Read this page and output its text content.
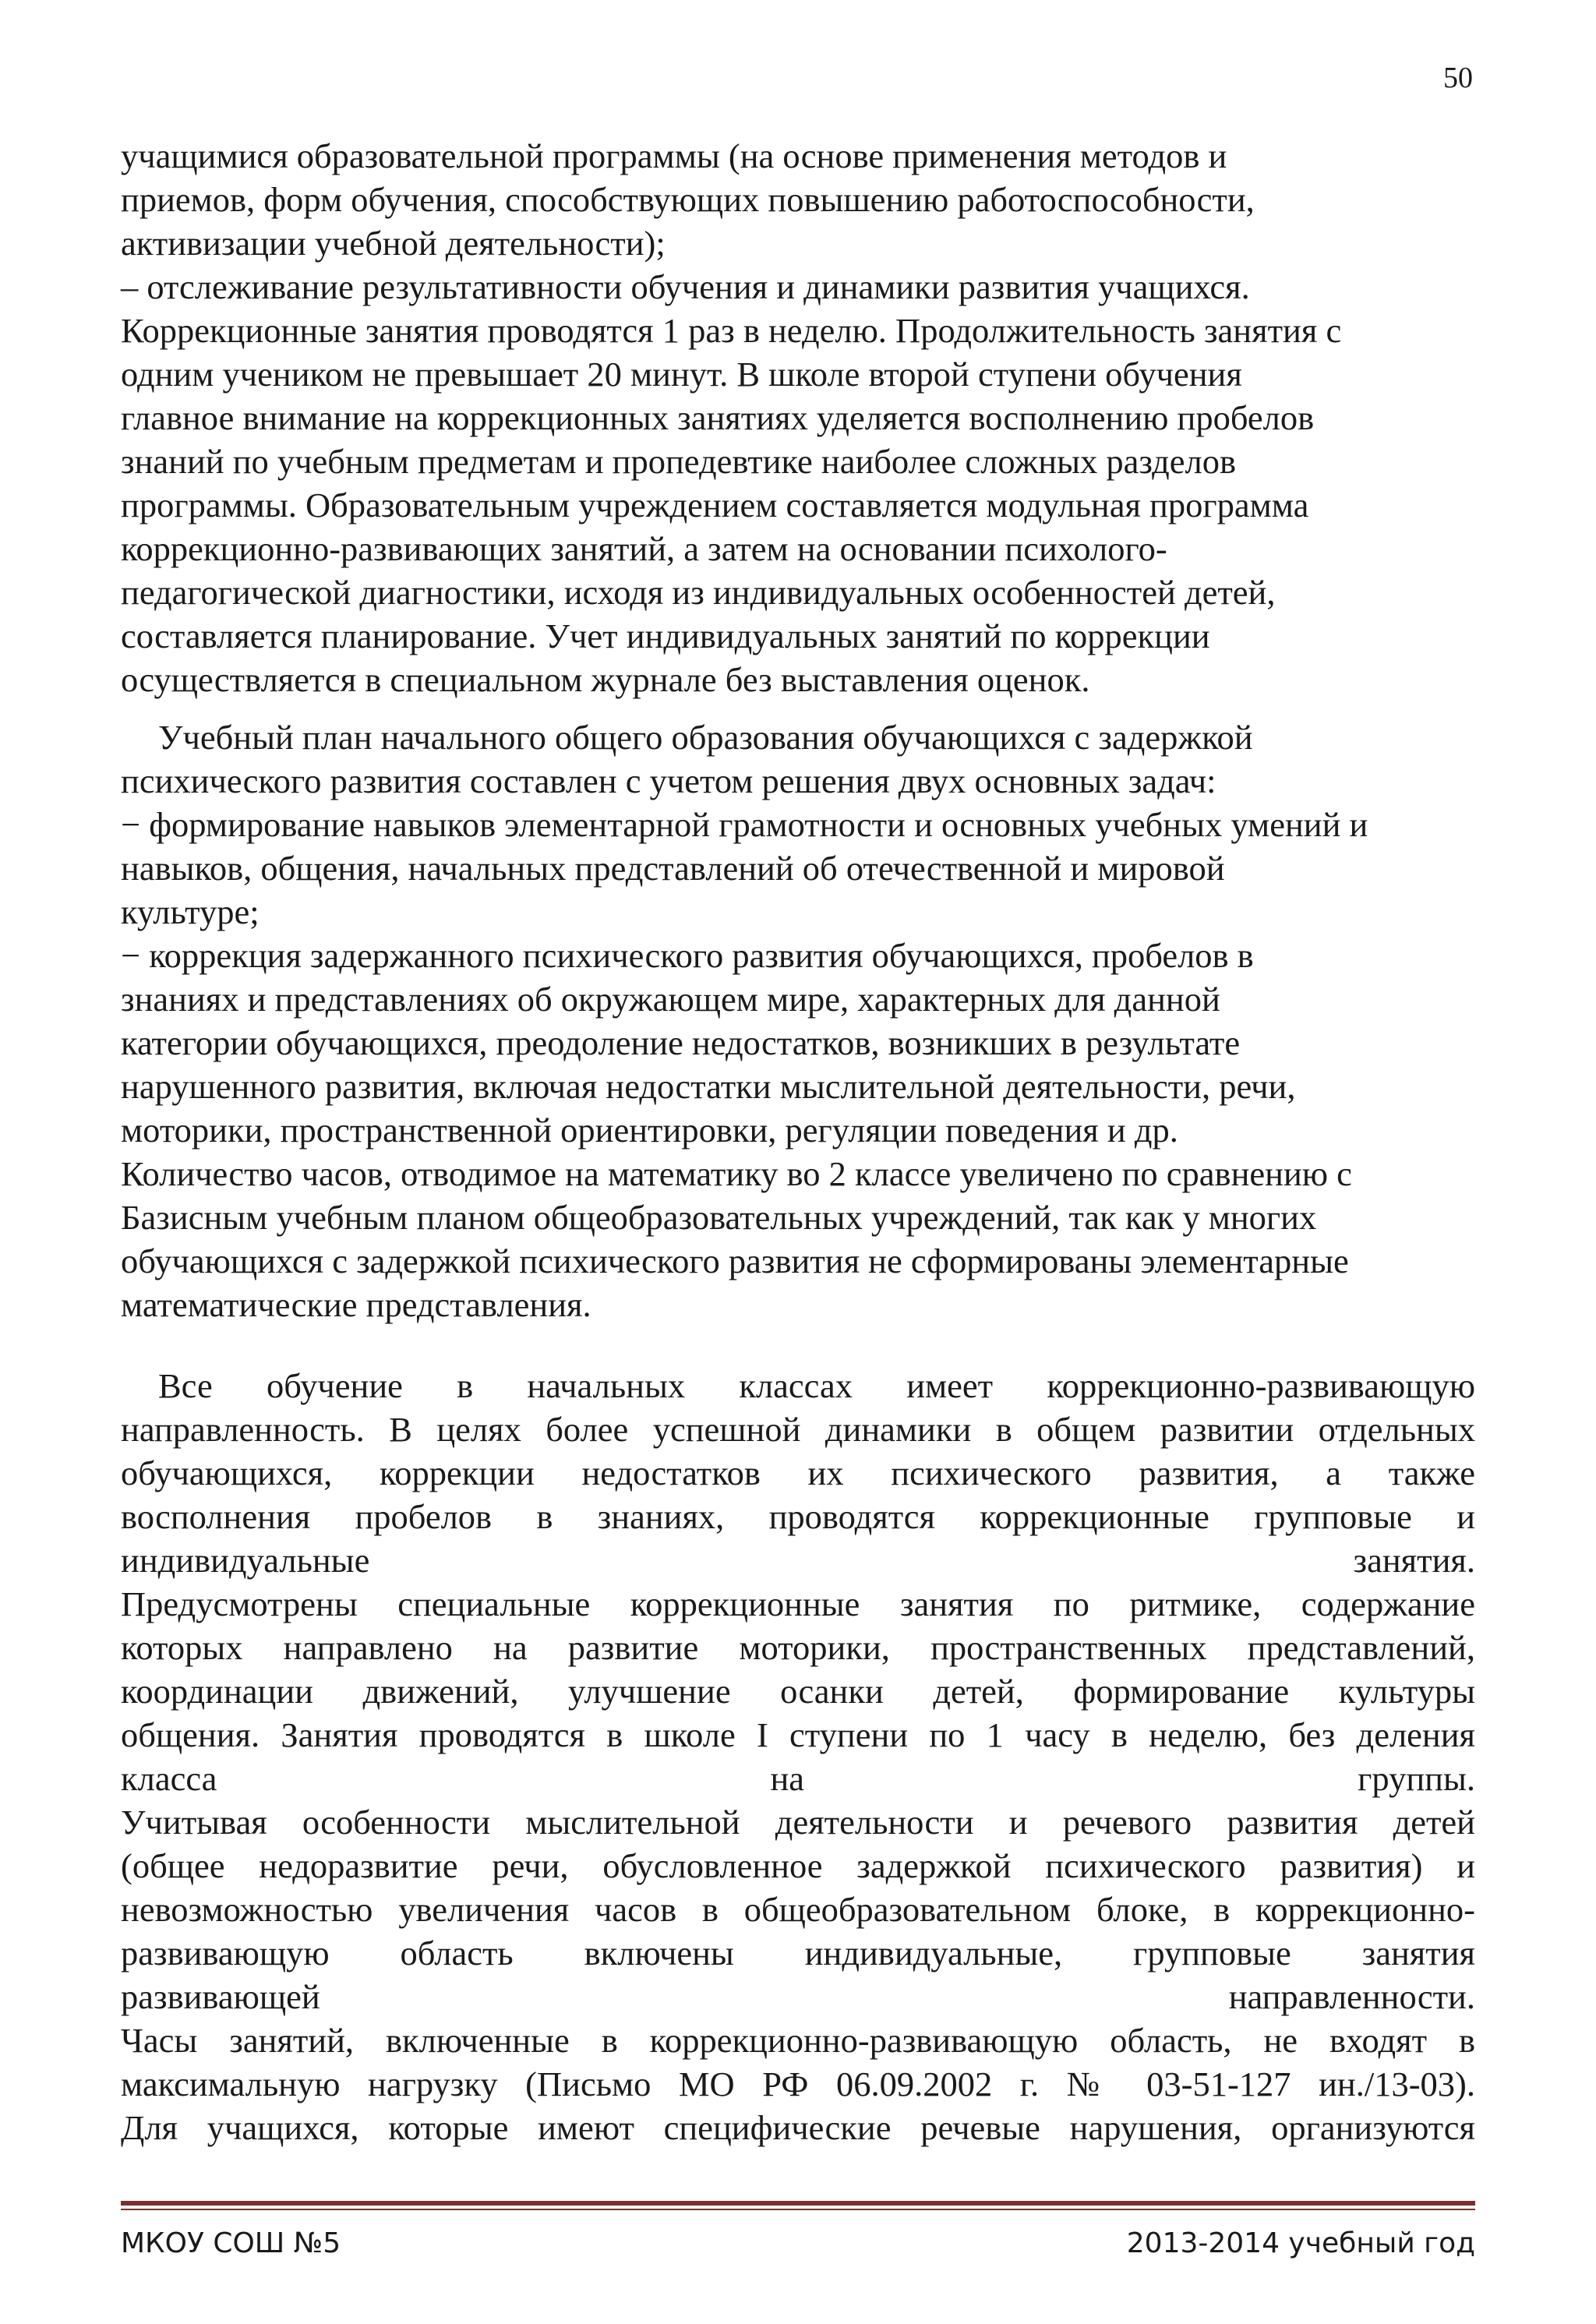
50
учащимися образовательной программы (на основе применения методов и
приемов, форм обучения, способствующих повышению работоспособности,
активизации учебной деятельности);
– отслеживание результативности обучения и динамики развития учащихся.
Коррекционные занятия проводятся 1 раз в неделю. Продолжительность занятия с
одним учеником не превышает 20 минут. В школе второй ступени обучения
главное внимание на коррекционных занятиях уделяется восполнению пробелов
знаний по учебным предметам и пропедевтике наиболее сложных разделов
программы. Образовательным учреждением составляется модульная программа
коррекционно-развивающих занятий, а затем на основании психолого-
педагогической диагностики, исходя из индивидуальных особенностей детей,
составляется планирование. Учет индивидуальных занятий по коррекции
осуществляется в специальном журнале без выставления оценок.
Учебный план начального общего образования обучающихся с задержкой
психического развития составлен с учетом решения двух основных задач:
− формирование навыков элементарной грамотности и основных учебных умений и
навыков, общения, начальных представлений об отечественной и мировой
культуре;
− коррекция задержанного психического развития обучающихся, пробелов в
знаниях и представлениях об окружающем мире, характерных для данной
категории обучающихся, преодоление недостатков, возникших в результате
нарушенного развития, включая недостатки мыслительной деятельности, речи,
моторики, пространственной ориентировки, регуляции поведения и др.
Количество часов, отводимое на математику во 2 классе увеличено по сравнению с
Базисным учебным планом общеобразовательных учреждений, так как у многих
обучающихся с задержкой психического развития не сформированы элементарные
математические представления.
Все обучение в начальных классах имеет коррекционно-развивающую
направленность. В целях более успешной динамики в общем развитии отдельных
обучающихся, коррекции недостатков их психического развития, а также
восполнения пробелов в знаниях, проводятся коррекционные групповые и
индивидуальные занятия.
Предусмотрены специальные коррекционные занятия по ритмике, содержание
которых направлено на развитие моторики, пространственных представлений,
координации движений, улучшение осанки детей, формирование культуры
общения. Занятия проводятся в школе I ступени по 1 часу в неделю, без деления
класса на группы.
Учитывая особенности мыслительной деятельности и речевого развития детей
(общее недоразвитие речи, обусловленное задержкой психического развития) и
невозможностью увеличения часов в общеобразовательном блоке, в коррекционно-
развивающую область включены индивидуальные, групповые занятия
развивающей направленности.
Часы занятий, включенные в коррекционно-развивающую область, не входят в
максимальную нагрузку (Письмо МО РФ 06.09.2002 г. № 03-51-127 ин./13-03).
Для учащихся, которые имеют специфические речевые нарушения, организуются
МКОУ СОШ №5	2013-2014 учебный год
